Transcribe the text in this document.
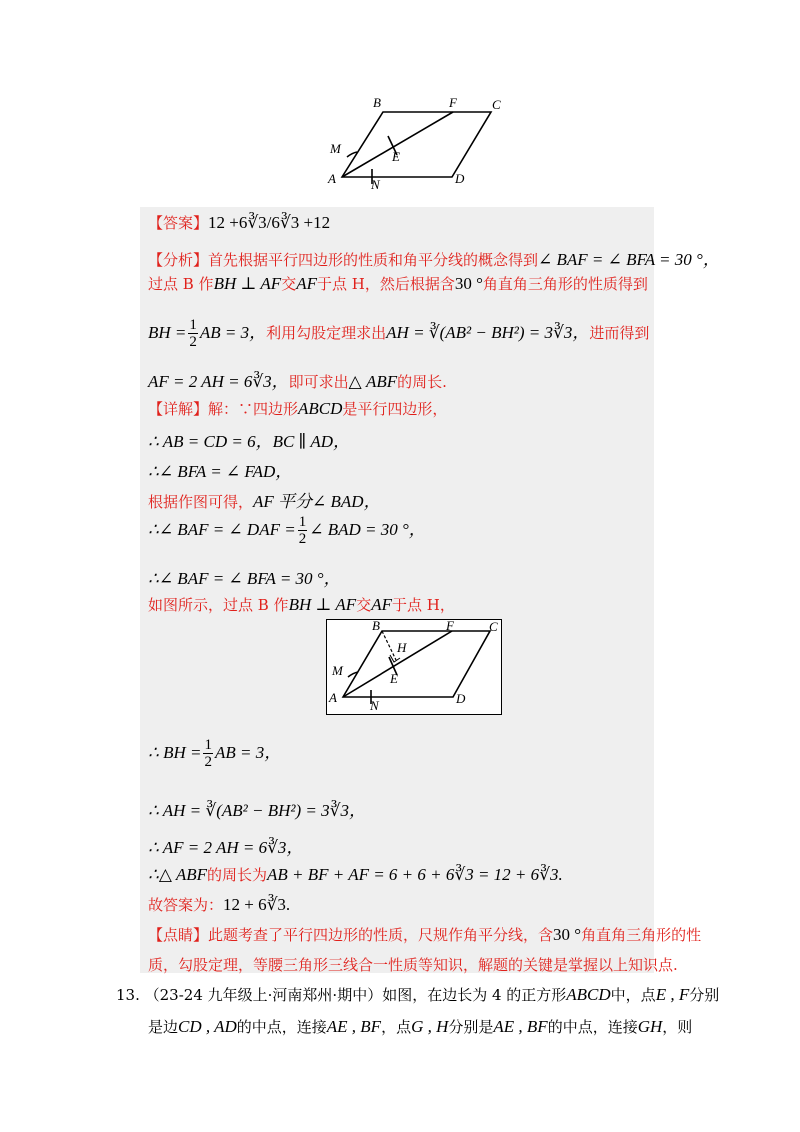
B	F	C
M
E
A	N	D
【答案】12 +6∛3/6∛3 +12
【分析】首先根据平行四边形的性质和角平分线的概念得到∠ BAF = ∠ BFA = 30 °，
过点 B 作BH ⊥ AF交AF于点 H，然后根据含30 °角直角三角形的性质得到
BH = $\frac{1}{2}$ AB = 3，利用勾股定理求出AH = ∛(AB² − BH²) = 3∛3，进而得到
AF = 2 AH = 6∛3，即可求出△ ABF的周长.
【详解】解：∵四边形ABCD是平行四边形，
∴ AB = CD = 6，BC ∥ AD，
∴∠ BFA = ∠ FAD，
根据作图可得，AF 平分∠ BAD，
∴∠ BAF = ∠ DAF = $\frac{1}{2}$ ∠ BAD = 30 °，
∴∠ BAF = ∠ BFA = 30 °，
如图所示，过点 B 作BH ⊥ AF交AF于点 H，
B	F	C
H
M
E
A
N	D
∴ BH = $\frac{1}{2}$ AB = 3，
∴ AH = ∛(AB² − BH²) = 3∛3，
∴ AF = 2 AH = 6∛3，
∴△ ABF的周长为AB + BF + AF = 6 + 6 + 6∛3 = 12 + 6∛3.
故答案为：12 + 6∛3.
【点睛】此题考查了平行四边形的性质，尺规作角平分线，含30 °角直角三角形的性
质，勾股定理，等腰三角形三线合一性质等知识，解题的关键是掌握以上知识点.
13. （23-24 九年级上·河南郑州·期中）如图，在边长为 4 的正方形ABCD中，点E , F分别
是边CD , AD的中点，连接AE , BF，点G , H分别是AE , BF的中点，连接GH，则
